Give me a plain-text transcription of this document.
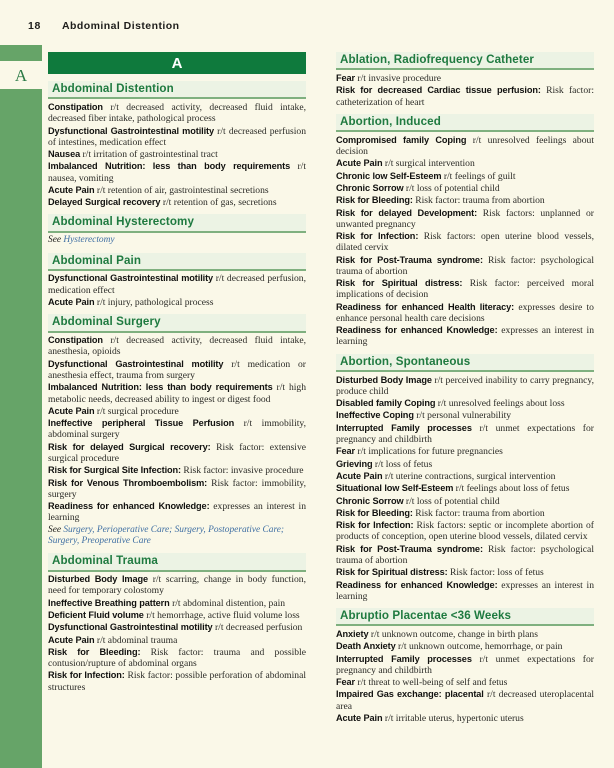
A
18 Abdominal Distention
A
Abdominal Distention

Constipation r/t decreased activity, decreased fluid intake, decreased fiber intake, pathological process

Dysfunctional Gastrointestinal motility r/t decreased perfusion of intestines, medication effect

Nausea r/t irritation of gastrointestinal tract

Imbalanced Nutrition: less than body requirements r/t nausea, vomiting

Acute Pain r/t retention of air, gastrointestinal secretions

Delayed Surgical recovery r/t retention of gas, secretions

Abdominal Hysterectomy

See Hysterectomy

Abdominal Pain

Dysfunctional Gastrointestinal motility r/t decreased perfusion, medication effect

Acute Pain r/t injury, pathological process

Abdominal Surgery

Constipation r/t decreased activity, decreased fluid intake, anesthesia, opioids

Dysfunctional Gastrointestinal motility r/t medication or anesthesia effect, trauma from surgery

Imbalanced Nutrition: less than body requirements r/t high metabolic needs, decreased ability to ingest or digest food

Acute Pain r/t surgical procedure

Ineffective peripheral Tissue Perfusion r/t immobility, abdominal surgery

Risk for delayed Surgical recovery: Risk factor: extensive surgical procedure

Risk for Surgical Site Infection: Risk factor: invasive procedure

Risk for Venous Thromboembolism: Risk factor: immobility, surgery

Readiness for enhanced Knowledge: expresses an interest in learning

See Surgery, Perioperative Care; Surgery, Postoperative Care; Surgery, Preoperative Care

Abdominal Trauma

Disturbed Body Image r/t scarring, change in body function, need for temporary colostomy

Ineffective Breathing pattern r/t abdominal distention, pain

Deficient Fluid volume r/t hemorrhage, active fluid volume loss

Dysfunctional Gastrointestinal motility r/t decreased perfusion

Acute Pain r/t abdominal trauma

Risk for Bleeding: Risk factor: trauma and possible contusion/rupture of abdominal organs

Risk for Infection: Risk factor: possible perforation of abdominal structures

Ablation, Radiofrequency Catheter

Fear r/t invasive procedure

Risk for decreased Cardiac tissue perfusion: Risk factor: catheterization of heart

Abortion, Induced

Compromised family Coping r/t unresolved feelings about decision

Acute Pain r/t surgical intervention

Chronic low Self-Esteem r/t feelings of guilt

Chronic Sorrow r/t loss of potential child

Risk for Bleeding: Risk factor: trauma from abortion

Risk for delayed Development: Risk factors: unplanned or unwanted pregnancy

Risk for Infection: Risk factors: open uterine blood vessels, dilated cervix

Risk for Post-Trauma syndrome: Risk factor: psychological trauma of abortion

Risk for Spiritual distress: Risk factor: perceived moral implications of decision

Readiness for enhanced Health literacy: expresses desire to enhance personal health care decisions

Readiness for enhanced Knowledge: expresses an interest in learning

Abortion, Spontaneous

Disturbed Body Image r/t perceived inability to carry pregnancy, produce child

Disabled family Coping r/t unresolved feelings about loss

Ineffective Coping r/t personal vulnerability

Interrupted Family processes r/t unmet expectations for pregnancy and childbirth

Fear r/t implications for future pregnancies

Grieving r/t loss of fetus

Acute Pain r/t uterine contractions, surgical intervention

Situational low Self-Esteem r/t feelings about loss of fetus

Chronic Sorrow r/t loss of potential child

Risk for Bleeding: Risk factor: trauma from abortion

Risk for Infection: Risk factors: septic or incomplete abortion of products of conception, open uterine blood vessels, dilated cervix

Risk for Post-Trauma syndrome: Risk factor: psychological trauma of abortion

Risk for Spiritual distress: Risk factor: loss of fetus

Readiness for enhanced Knowledge: expresses an interest in learning

Abruptio Placentae <36 Weeks

Anxiety r/t unknown outcome, change in birth plans

Death Anxiety r/t unknown outcome, hemorrhage, or pain

Interrupted Family processes r/t unmet expectations for pregnancy and childbirth

Fear r/t threat to well-being of self and fetus

Impaired Gas exchange: placental r/t decreased uteroplacental area

Acute Pain r/t irritable uterus, hypertonic uterus
